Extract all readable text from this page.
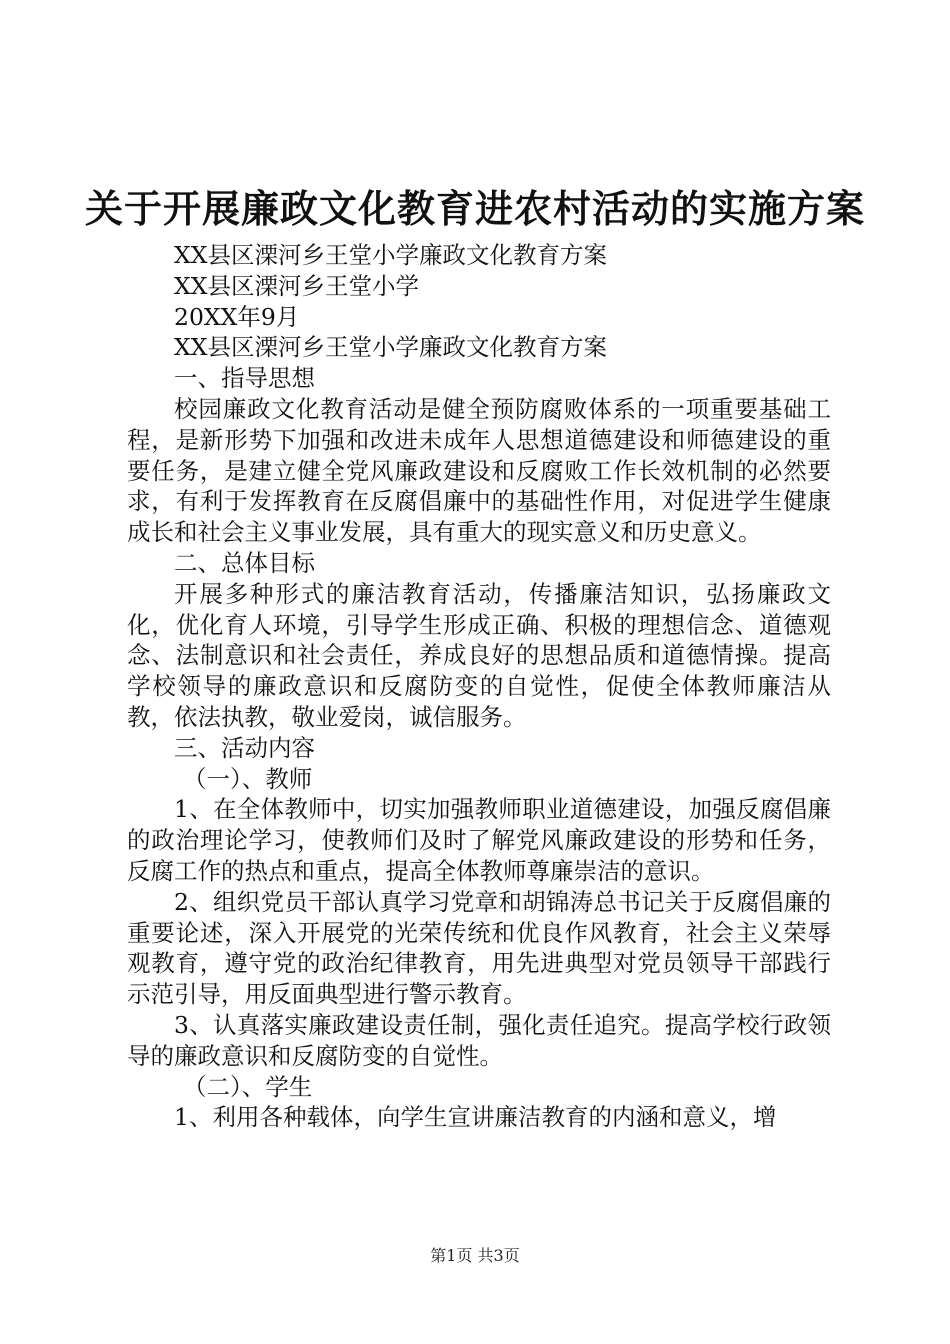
关于开展廉政文化教育进农村活动的实施方案
XX县区溧河乡王堂小学廉政文化教育方案
XX县区溧河乡王堂小学
20XX年9月
XX县区溧河乡王堂小学廉政文化教育方案
一、指导思想
校园廉政文化教育活动是健全预防腐败体系的一项重要基础工程，是新形势下加强和改进未成年人思想道德建设和师德建设的重要任务，是建立健全党风廉政建设和反腐败工作长效机制的必然要求，有利于发挥教育在反腐倡廉中的基础性作用，对促进学生健康成长和社会主义事业发展，具有重大的现实意义和历史意义。
二、总体目标
开展多种形式的廉洁教育活动，传播廉洁知识，弘扬廉政文化，优化育人环境，引导学生形成正确、积极的理想信念、道德观念、法制意识和社会责任，养成良好的思想品质和道德情操。提高学校领导的廉政意识和反腐防变的自觉性，促使全体教师廉洁从教，依法执教，敬业爱岗，诚信服务。
三、活动内容
（一）、教师
1、在全体教师中，切实加强教师职业道德建设，加强反腐倡廉的政治理论学习，使教师们及时了解党风廉政建设的形势和任务，反腐工作的热点和重点，提高全体教师尊廉崇洁的意识。
2、组织党员干部认真学习党章和胡锦涛总书记关于反腐倡廉的重要论述，深入开展党的光荣传统和优良作风教育，社会主义荣辱观教育，遵守党的政治纪律教育，用先进典型对党员领导干部践行示范引导，用反面典型进行警示教育。
3、认真落实廉政建设责任制，强化责任追究。提高学校行政领导的廉政意识和反腐防变的自觉性。
（二）、学生
1、利用各种载体，向学生宣讲廉洁教育的内涵和意义，增
第1页 共3页
